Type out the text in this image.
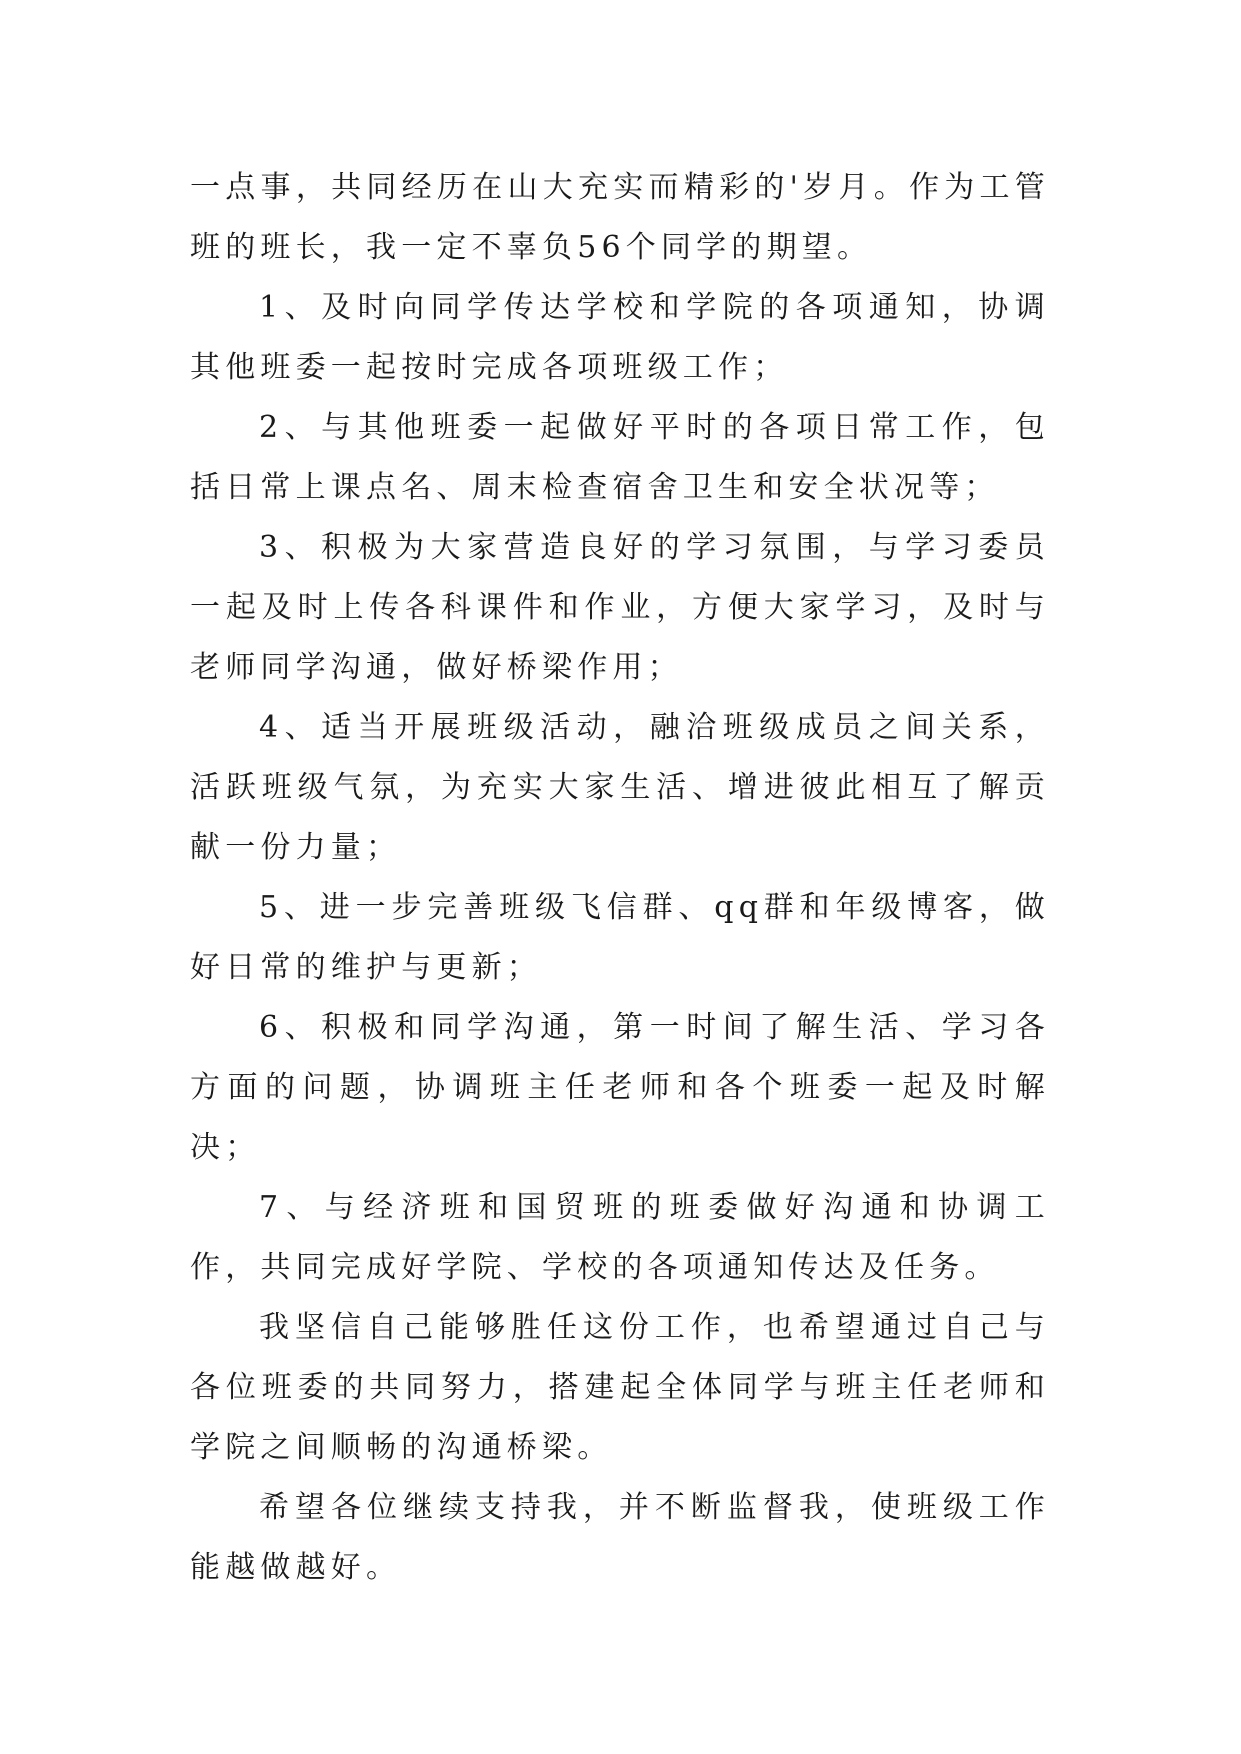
一点事，共同经历在山大充实而精彩的'岁月。作为工管班的班长，我一定不辜负56个同学的期望。

1、及时向同学传达学校和学院的各项通知，协调其他班委一起按时完成各项班级工作；

2、与其他班委一起做好平时的各项日常工作，包括日常上课点名、周末检查宿舍卫生和安全状况等；

3、积极为大家营造良好的学习氛围，与学习委员一起及时上传各科课件和作业，方便大家学习，及时与老师同学沟通，做好桥梁作用；

4、适当开展班级活动，融洽班级成员之间关系，活跃班级气氛，为充实大家生活、增进彼此相互了解贡献一份力量；

5、进一步完善班级飞信群、qq群和年级博客，做好日常的维护与更新；

6、积极和同学沟通，第一时间了解生活、学习各方面的问题，协调班主任老师和各个班委一起及时解决；

7、与经济班和国贸班的班委做好沟通和协调工作，共同完成好学院、学校的各项通知传达及任务。

我坚信自己能够胜任这份工作，也希望通过自己与各位班委的共同努力，搭建起全体同学与班主任老师和学院之间顺畅的沟通桥梁。

希望各位继续支持我，并不断监督我，使班级工作能越做越好。
